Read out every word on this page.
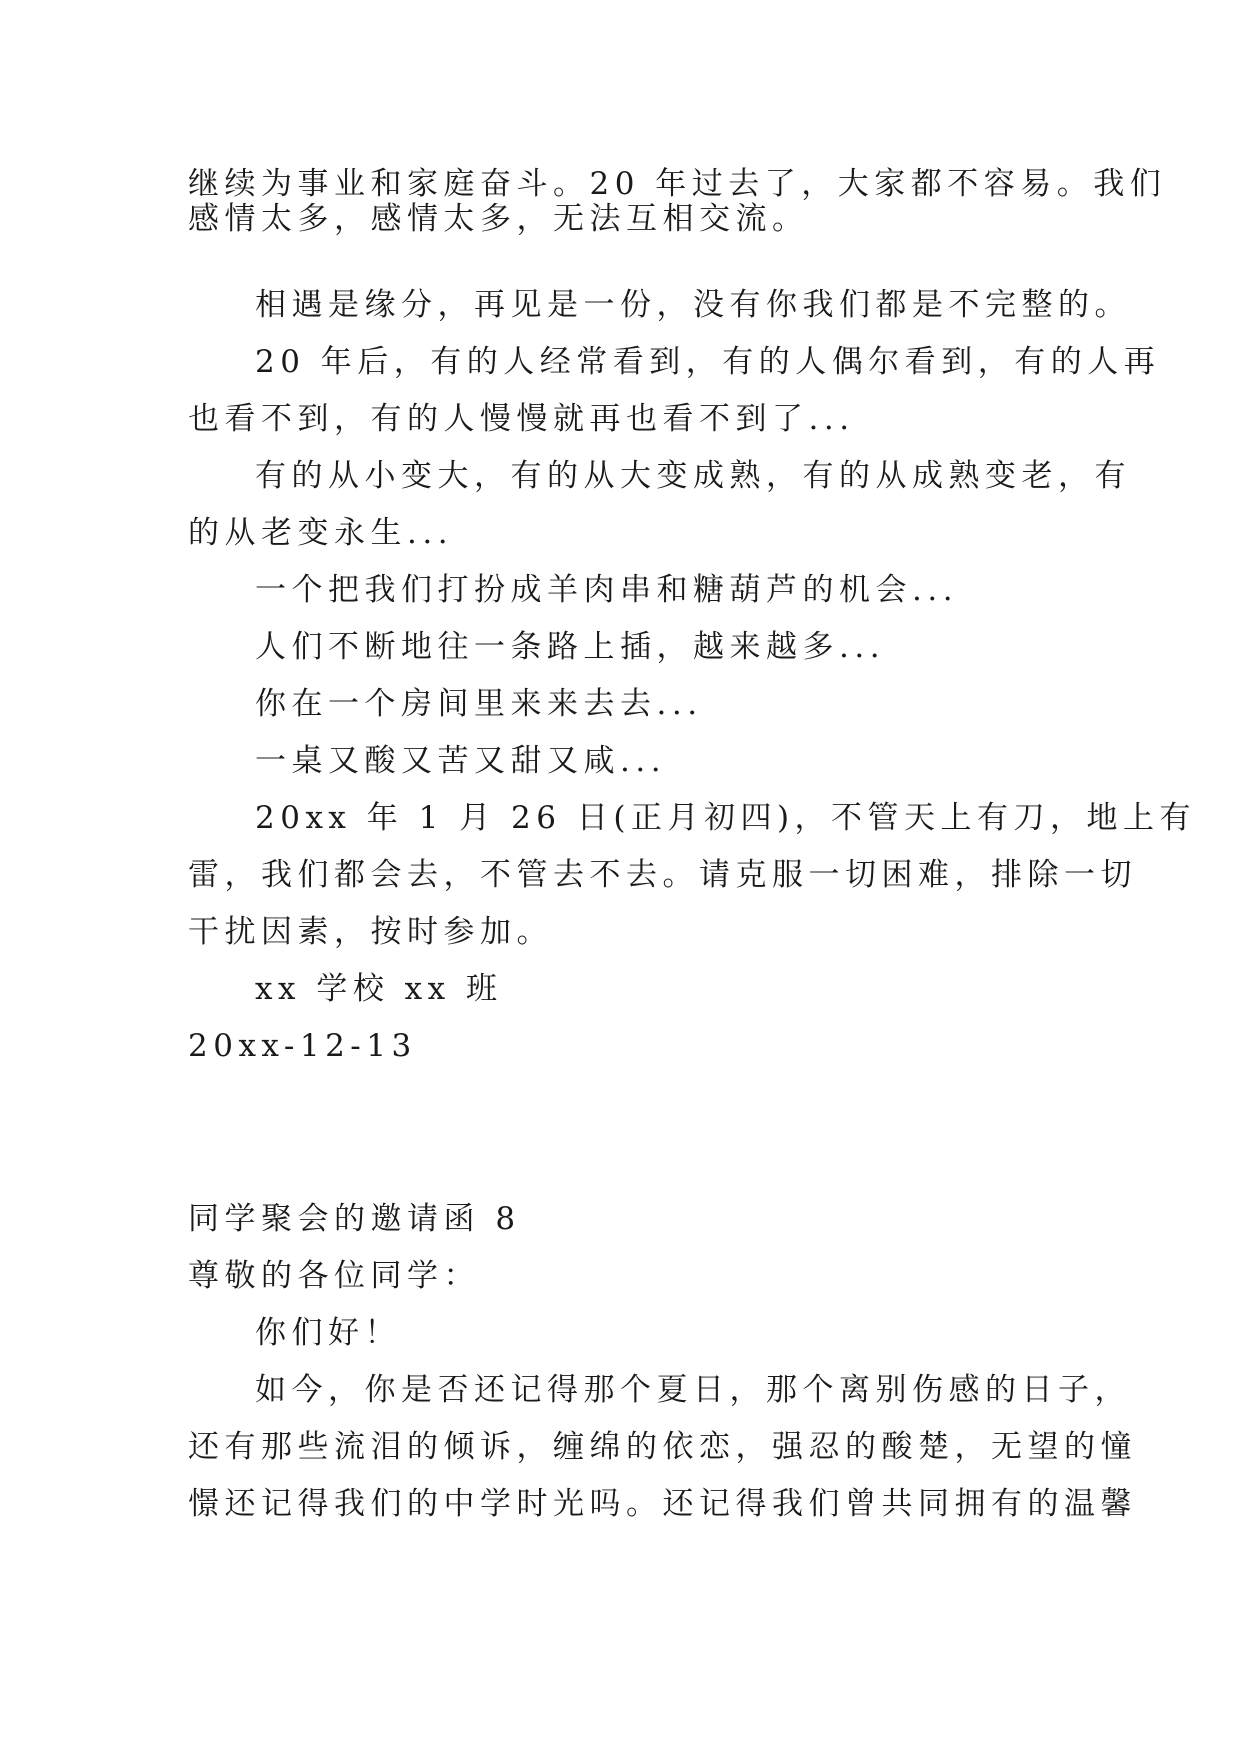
继续为事业和家庭奋斗。20 年过去了，大家都不容易。我们
感情太多，感情太多，无法互相交流。
相遇是缘分，再见是一份，没有你我们都是不完整的。
20 年后，有的人经常看到，有的人偶尔看到，有的人再
也看不到，有的人慢慢就再也看不到了...
有的从小变大，有的从大变成熟，有的从成熟变老，有
的从老变永生...
一个把我们打扮成羊肉串和糖葫芦的机会...
人们不断地往一条路上插，越来越多...
你在一个房间里来来去去...
一桌又酸又苦又甜又咸...
20xx 年 1 月 26 日(正月初四)，不管天上有刀，地上有
雷，我们都会去，不管去不去。请克服一切困难，排除一切
干扰因素，按时参加。
xx 学校 xx 班
20xx-12-13
同学聚会的邀请函 8
尊敬的各位同学：
你们好！
如今，你是否还记得那个夏日，那个离别伤感的日子，
还有那些流泪的倾诉，缠绵的依恋，强忍的酸楚，无望的憧
憬还记得我们的中学时光吗。还记得我们曾共同拥有的温馨
